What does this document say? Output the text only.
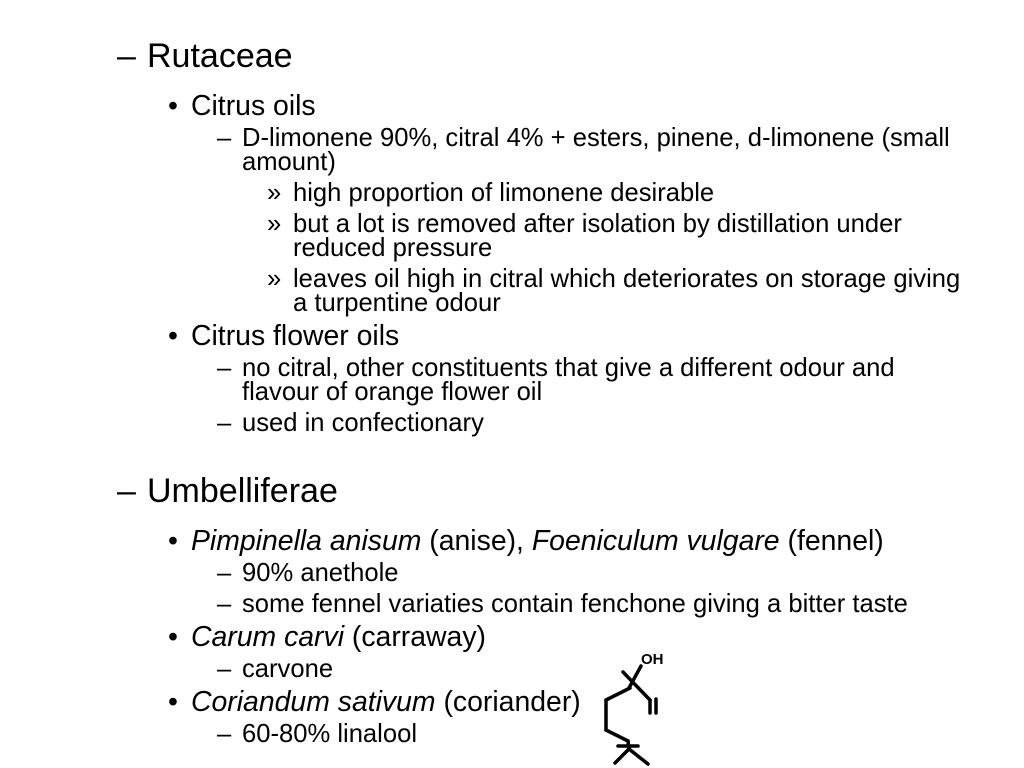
– Rutaceae
• Citrus oils
– D-limonene 90%, citral 4% + esters, pinene, d-limonene (small
amount)
» high proportion of limonene desirable
» but a lot is removed after isolation by distillation under
reduced pressure
» leaves oil high in citral which deteriorates on storage giving
a turpentine odour
• Citrus flower oils
– no citral, other constituents that give a different odour and
flavour of orange flower oil
– used in confectionary
– Umbelliferae
• Pimpinella anisum (anise), Foeniculum vulgare (fennel)
– 90% anethole
– some fennel variaties contain fenchone giving a bitter taste
• Carum carvi (carraway)
– carvone
• Coriandum sativum (coriander)
– 60-80% linalool
OH
